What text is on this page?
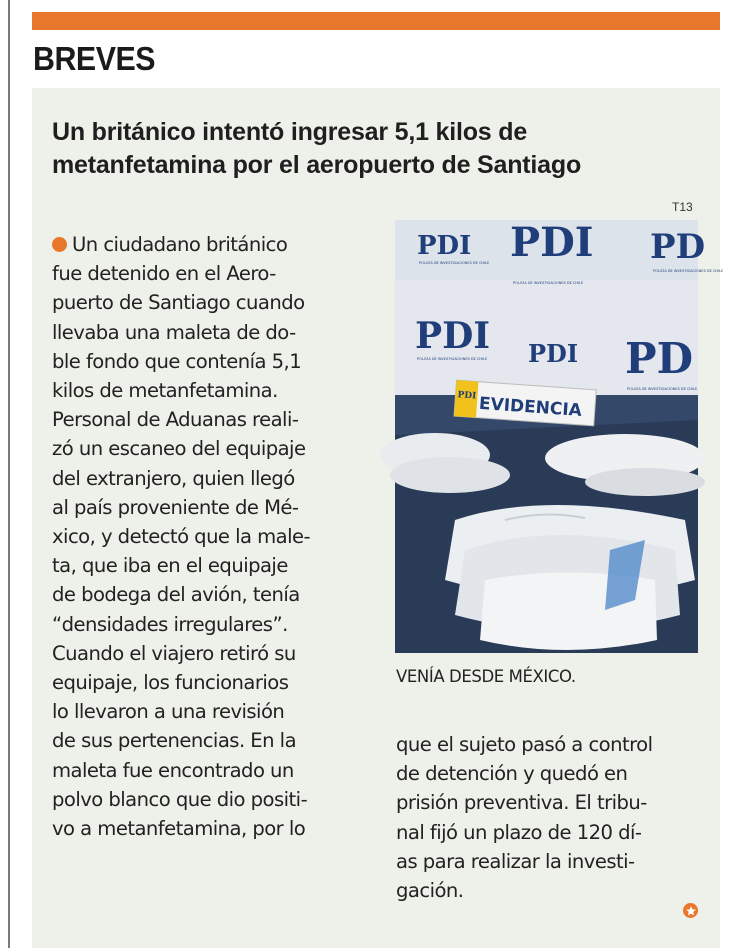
BREVES
Un británico intentó ingresar 5,1 kilos de
metanfetamina por el aeropuerto de Santiago
Un ciudadano británico
fue detenido en el Aero-
puerto de Santiago cuando
llevaba una maleta de do-
ble fondo que contenía 5,1
kilos de metanfetamina.
Personal de Aduanas reali-
zó un escaneo del equipaje
del extranjero, quien llegó
al país proveniente de Mé-
xico, y detectó que la male-
ta, que iba en el equipaje
de bodega del avión, tenía
“densidades irregulares”.
Cuando el viajero retiró su
equipaje, los funcionarios
lo llevaron a una revisión
de sus pertenencias. En la
maleta fue encontrado un
polvo blanco que dio positi-
vo a metanfetamina, por lo
T13
PDI PDI PD
PDI PDI PD
POLICÍA DE INVESTIGACIONES DE CHILE
POLICÍA DE INVESTIGACIONES DE CHILE
POLICÍA DE INVESTIGACIONES DE CHILE
POLICÍA DE INVESTIGACIONES DE CHILE
POLICÍA DE INVESTIGACIONES DE CHILE
PDI EVIDENCIA
VENÍA DESDE MÉXICO.
que el sujeto pasó a control
de detención y quedó en
prisión preventiva. El tribu-
nal fijó un plazo de 120 dí-
as para realizar la investi-
gación.
